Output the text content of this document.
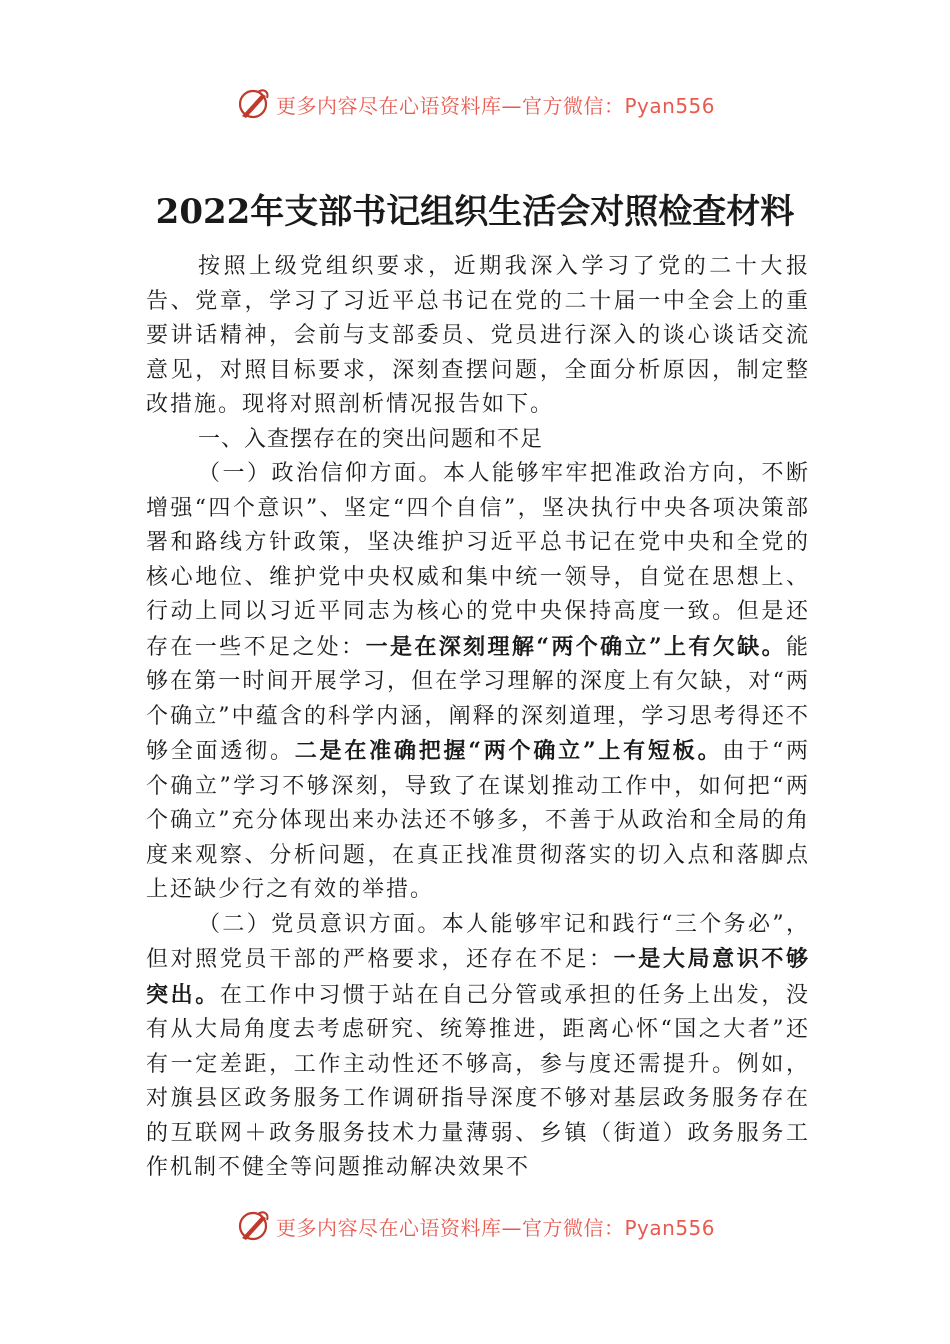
更多内容尽在心语资料库—官方微信：Pyan556
2022年支部书记组织生活会对照检查材料

按照上级党组织要求，近期我深入学习了党的二十大报告、党章，学习了习近平总书记在党的二十届一中全会上的重要讲话精神，会前与支部委员、党员进行深入的谈心谈话交流意见，对照目标要求，深刻查摆问题，全面分析原因，制定整改措施。现将对照剖析情况报告如下。

一、入查摆存在的突出问题和不足

（一）政治信仰方面。本人能够牢牢把准政治方向，不断增强“四个意识”、坚定“四个自信”，坚决执行中央各项决策部署和路线方针政策，坚决维护习近平总书记在党中央和全党的核心地位、维护党中央权威和集中统一领导，自觉在思想上、行动上同以习近平同志为核心的党中央保持高度一致。但是还存在一些不足之处：一是在深刻理解“两个确立”上有欠缺。能够在第一时间开展学习，但在学习理解的深度上有欠缺，对“两个确立”中蕴含的科学内涵，阐释的深刻道理，学习思考得还不够全面透彻。二是在准确把握“两个确立”上有短板。由于“两个确立”学习不够深刻，导致了在谋划推动工作中，如何把“两个确立”充分体现出来办法还不够多，不善于从政治和全局的角度来观察、分析问题，在真正找准贯彻落实的切入点和落脚点上还缺少行之有效的举措。

（二）党员意识方面。本人能够牢记和践行“三个务必”，但对照党员干部的严格要求，还存在不足：一是大局意识不够突出。在工作中习惯于站在自己分管或承担的任务上出发，没有从大局角度去考虑研究、统筹推进，距离心怀“国之大者”还有一定差距，工作主动性还不够高，参与度还需提升。例如，对旗县区政务服务工作调研指导深度不够对基层政务服务存在的互联网＋政务服务技术力量薄弱、乡镇（街道）政务服务工作机制不健全等问题推动解决效果不

更多内容尽在心语资料库—官方微信：Pyan556
